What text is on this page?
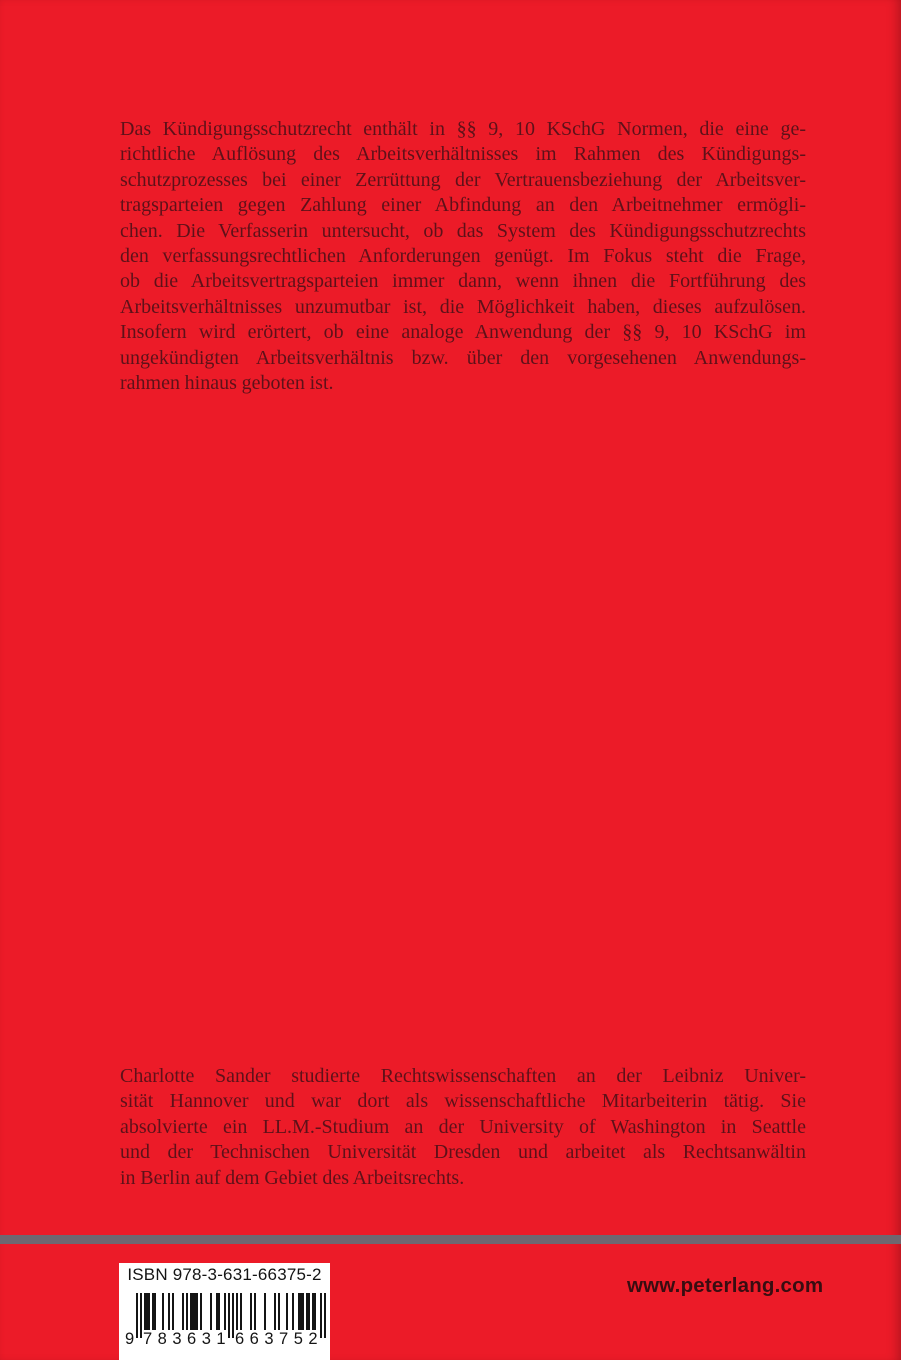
Das Kündigungsschutzrecht enthält in §§ 9, 10 KSchG Normen, die eine ge-
richtliche Auflösung des Arbeitsverhältnisses im Rahmen des Kündigungs-
schutzprozesses bei einer Zerrüttung der Vertrauensbeziehung der Arbeitsver-
tragsparteien gegen Zahlung einer Abfindung an den Arbeitnehmer ermögli-
chen. Die Verfasserin untersucht, ob das System des Kündigungsschutzrechts
den verfassungsrechtlichen Anforderungen genügt. Im Fokus steht die Frage,
ob die Arbeitsvertragsparteien immer dann, wenn ihnen die Fortführung des
Arbeitsverhältnisses unzumutbar ist, die Möglichkeit haben, dieses aufzulösen.
Insofern wird erörtert, ob eine analoge Anwendung der §§ 9, 10 KSchG im
ungekündigten Arbeitsverhältnis bzw. über den vorgesehenen Anwendungs-
rahmen hinaus geboten ist.
Charlotte Sander studierte Rechtswissenschaften an der Leibniz Univer-
sität Hannover und war dort als wissenschaftliche Mitarbeiterin tätig. Sie
absolvierte ein LL.M.-Studium an der University of Washington in Seattle
und der Technischen Universität Dresden und arbeitet als Rechtsanwältin
in Berlin auf dem Gebiet des Arbeitsrechts.
ISBN 978-3-631-66375-2
9 783631 663752
www.peterlang.com
